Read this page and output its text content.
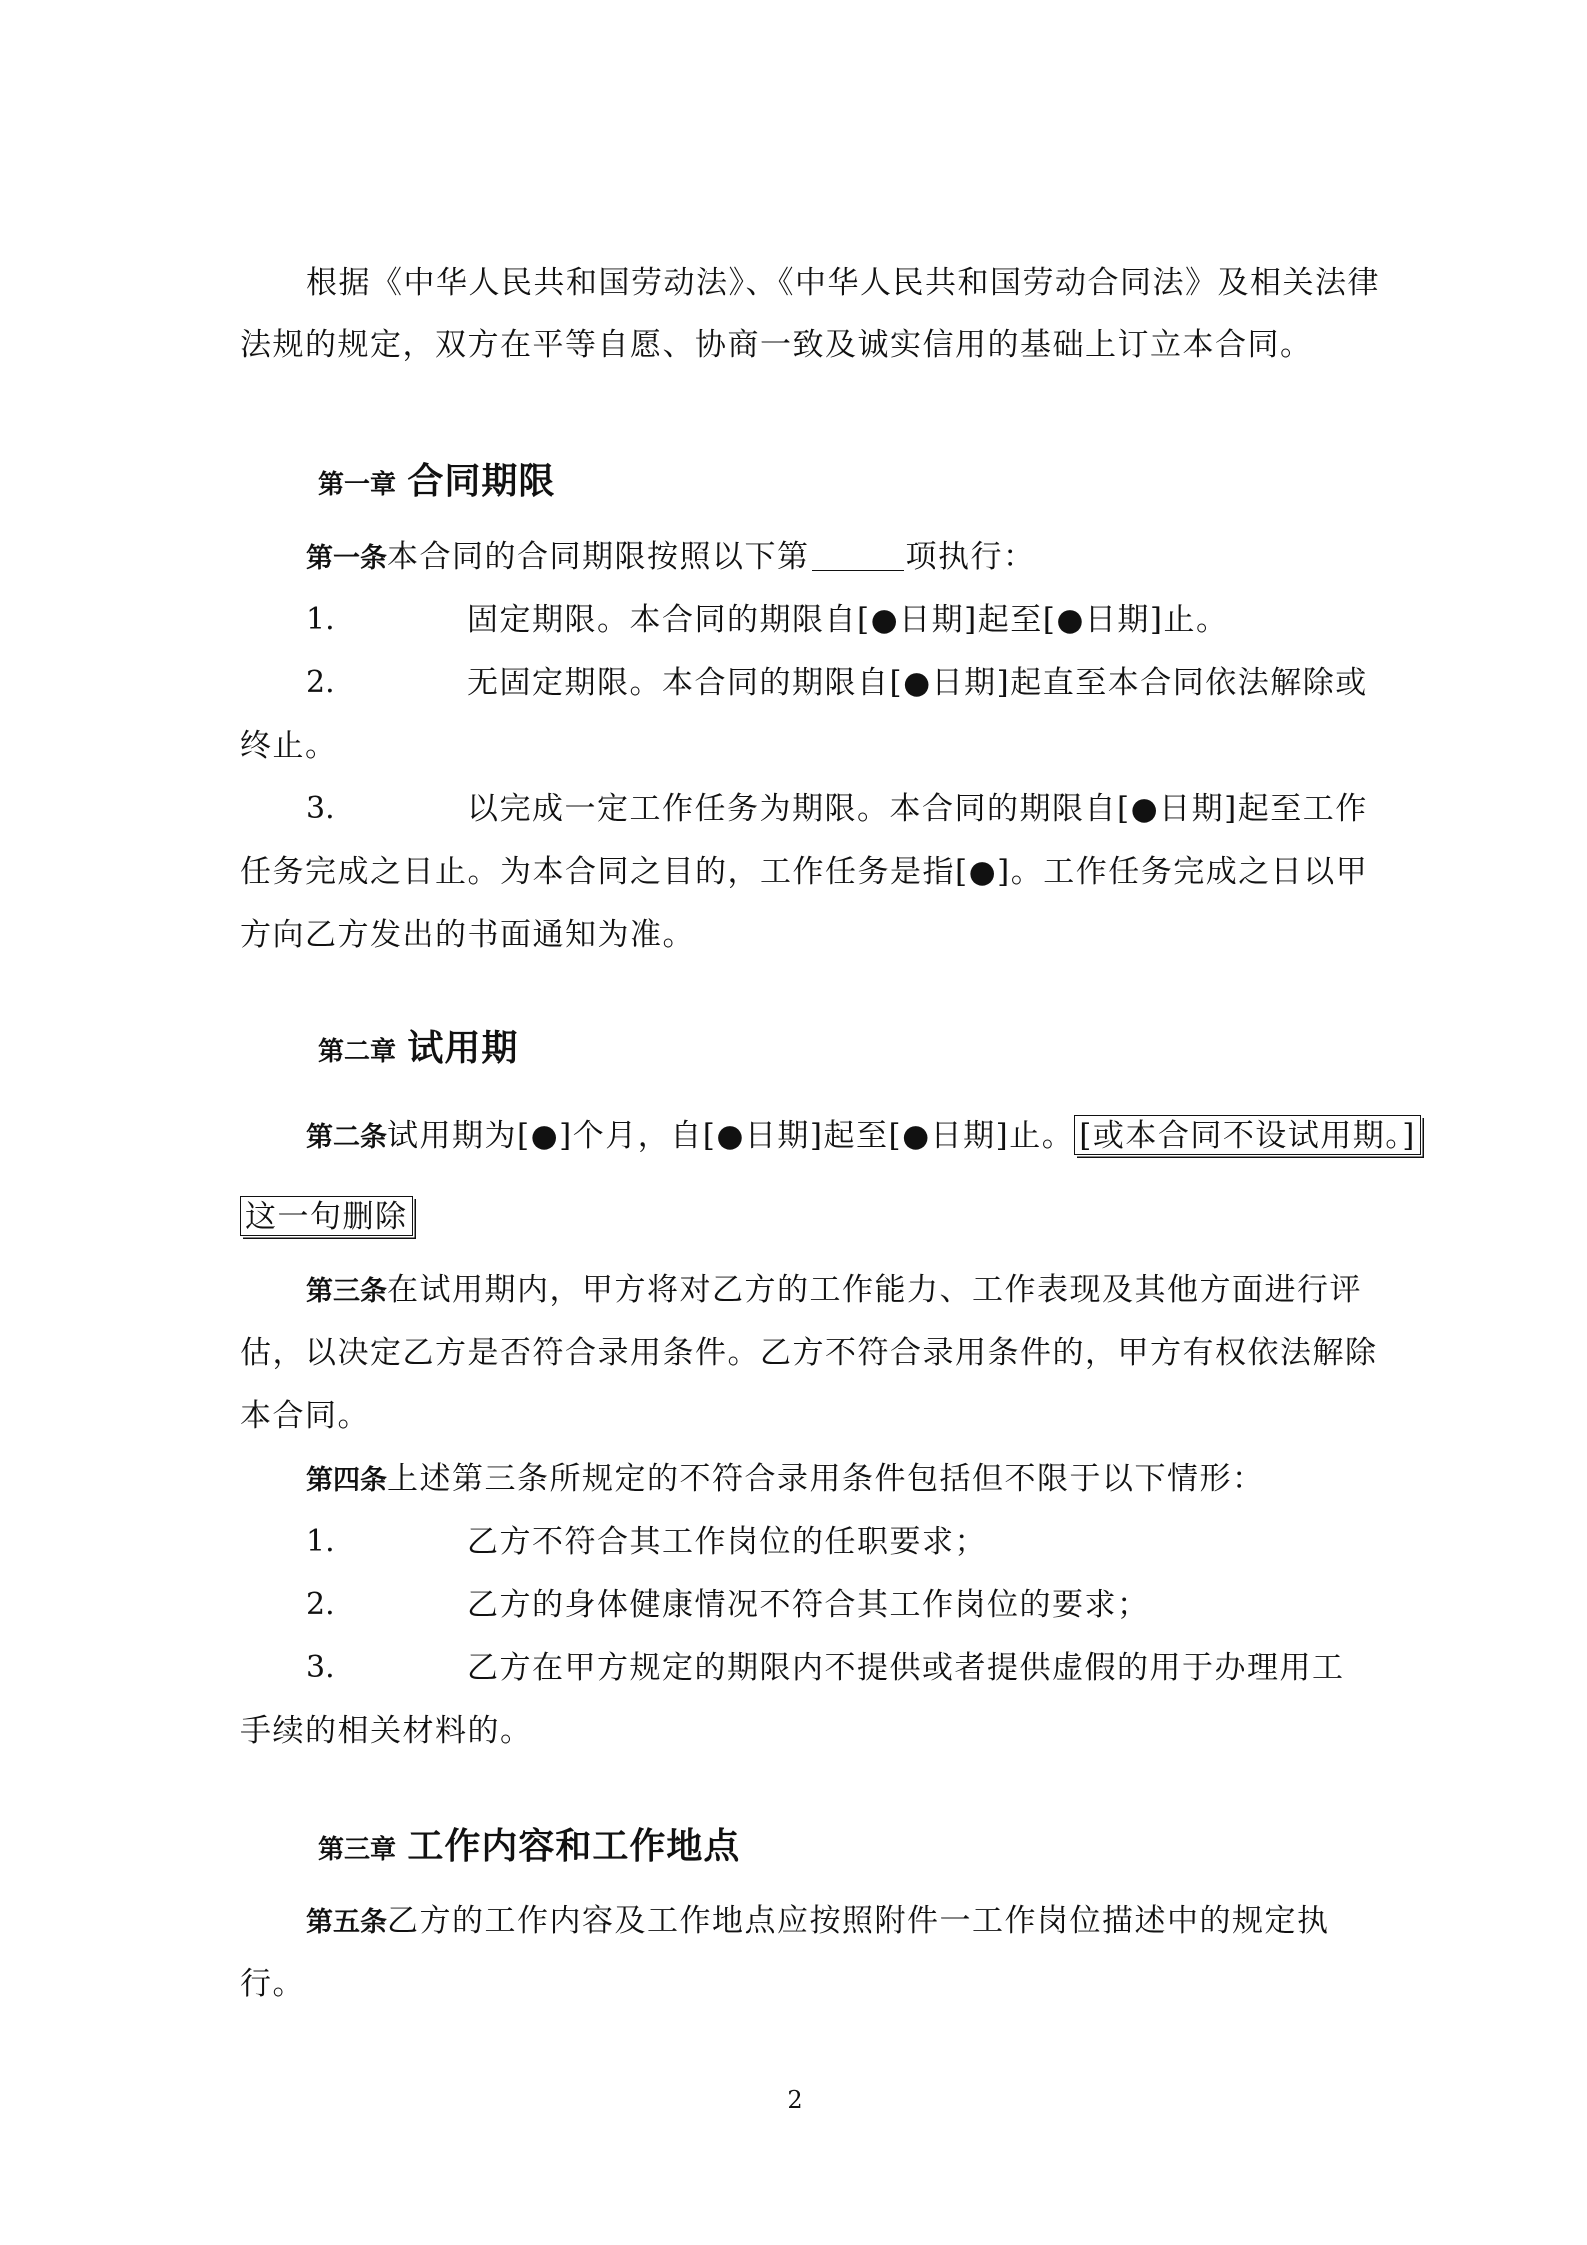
根据《中华人民共和国劳动法》、《中华人民共和国劳动合同法》及相关法律
法规的规定，双方在平等自愿、协商一致及诚实信用的基础上订立本合同。
第一章 合同期限
第一条本合同的合同期限按照以下第	项执行：
1.	固定期限。本合同的期限自[●日期]起至[●日期]止。
2.	无固定期限。本合同的期限自[●日期]起直至本合同依法解除或
终止。
3.	以完成一定工作任务为期限。本合同的期限自[●日期]起至工作
任务完成之日止。为本合同之目的，工作任务是指[●]。工作任务完成之日以甲
方向乙方发出的书面通知为准。
第二章 试用期
第二条试用期为[●]个月，自[●日期]起至[●日期]止。 [或本合同不设试用期。]
这一句删除
第三条在试用期内，甲方将对乙方的工作能力、工作表现及其他方面进行评
估，以决定乙方是否符合录用条件。乙方不符合录用条件的，甲方有权依法解除
本合同。
第四条上述第三条所规定的不符合录用条件包括但不限于以下情形：
1.	乙方不符合其工作岗位的任职要求；
2.	乙方的身体健康情况不符合其工作岗位的要求；
3.	乙方在甲方规定的期限内不提供或者提供虚假的用于办理用工
手续的相关材料的。
第三章 工作内容和工作地点
第五条乙方的工作内容及工作地点应按照附件一工作岗位描述中的规定执
行。
2
